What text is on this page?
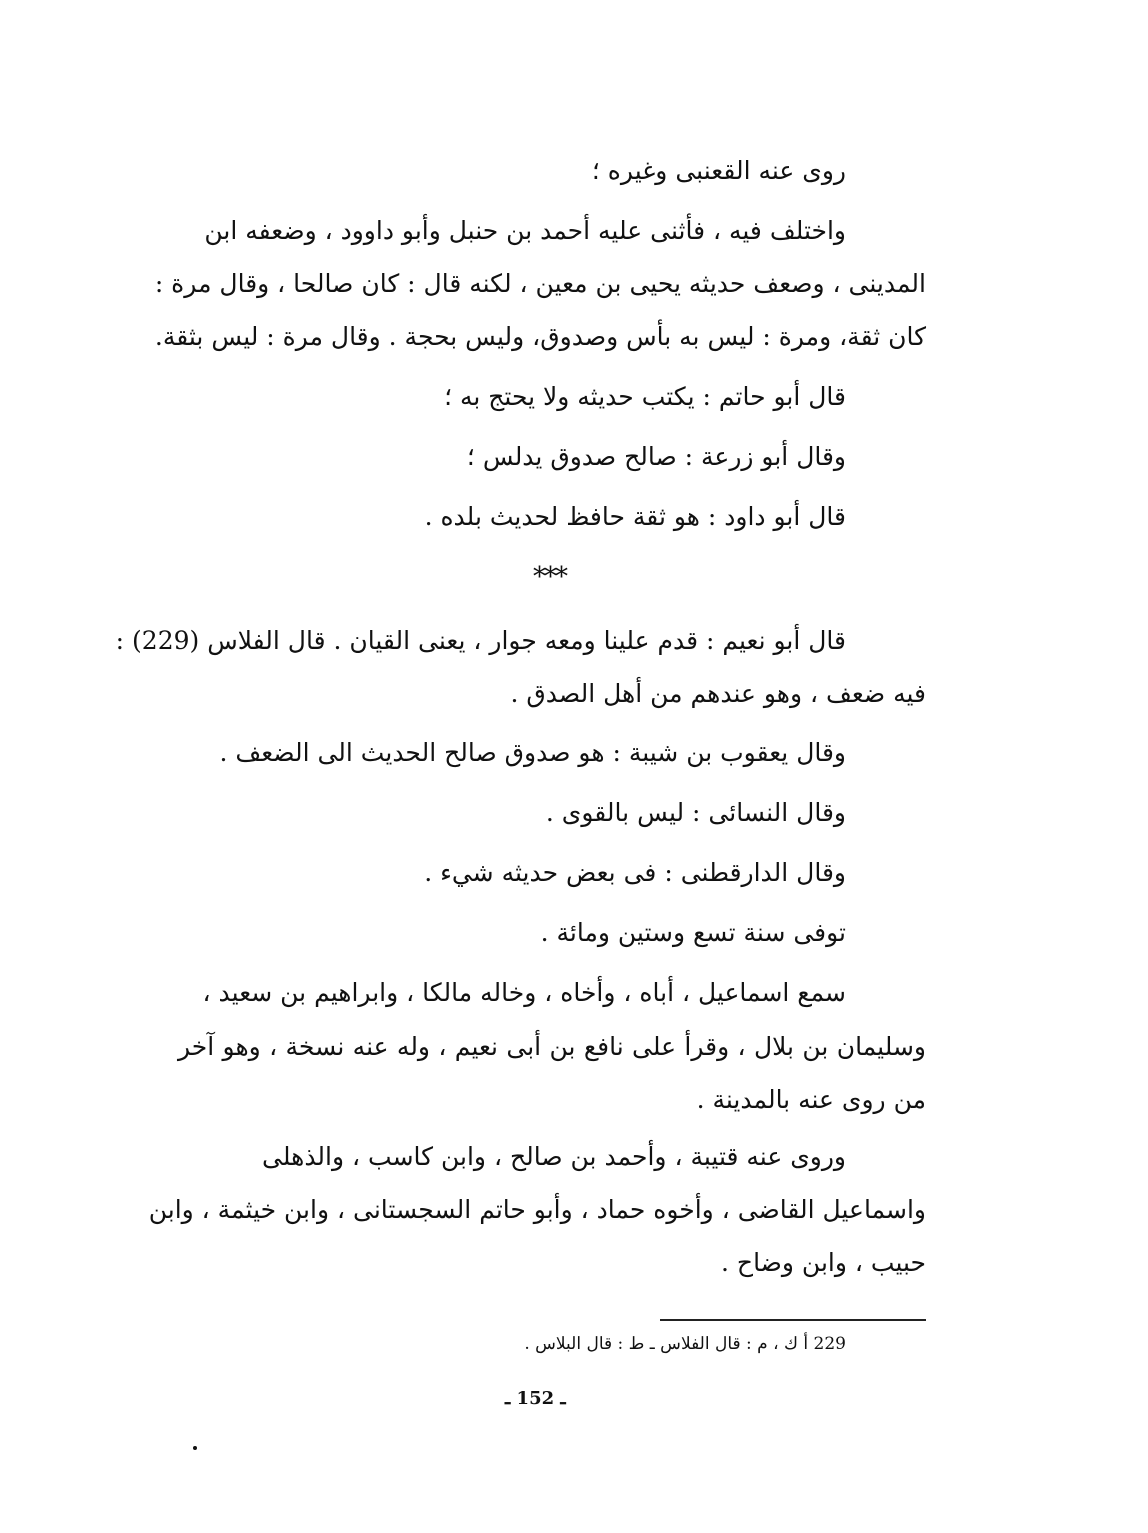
روى عنه القعنبى وغيره ؛
واختلف فيه ، فأثنى عليه أحمد بن حنبل وأبو داوود ، وضعفه ابن
المدينى ، وصعف حديثه يحيى بن معين ، لكنه قال : كان صالحا ، وقال مرة :
كان ثقة، ومرة : ليس به بأس وصدوق، وليس بحجة . وقال مرة : ليس بثقة.
قال أبو حاتم : يكتب حديثه ولا يحتج به ؛
وقال أبو زرعة : صالح صدوق يدلس ؛
قال أبو داود : هو ثقة حافظ لحديث بلده .
***
قال أبو نعيم : قدم علينا ومعه جوار ، يعنى القيان . قال الفلاس (229) :
فيه ضعف ، وهو عندهم من أهل الصدق .
وقال يعقوب بن شيبة : هو صدوق صالح الحديث الى الضعف .
وقال النسائى : ليس بالقوى .
وقال الدارقطنى : فى بعض حديثه شيء .
توفى سنة تسع وستين ومائة .
سمع اسماعيل ، أباه ، وأخاه ، وخاله مالكا ، وابراهيم بن سعيد ،
وسليمان بن بلال ، وقرأ على نافع بن أبى نعيم ، وله عنه نسخة ، وهو آخر
من روى عنه بالمدينة .
وروى عنه قتيبة ، وأحمد بن صالح ، وابن كاسب ، والذهلى
واسماعيل القاضى ، وأخوه حماد ، وأبو حاتم السجستانى ، وابن خيثمة ، وابن
حبيب ، وابن وضاح .
229 أ ك ، م : قال الفلاس ـ ط : قال البلاس .
ـ 152 ـ
